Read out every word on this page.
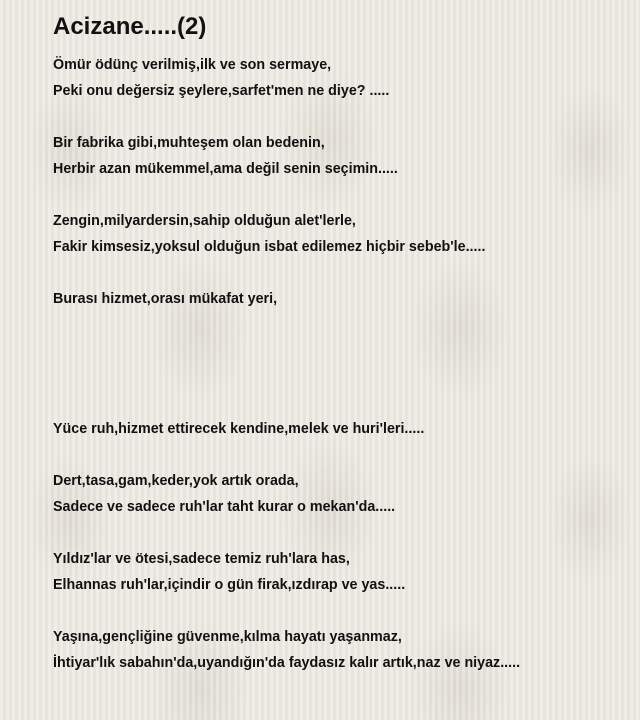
Acizane.....(2)
Ömür ödünç verilmiş,ilk ve son sermaye,
Peki onu değersiz şeylere,sarfet'men ne diye? .....
Bir fabrika gibi,muhteşem olan bedenin,
Herbir azan mükemmel,ama değil senin seçimin.....
Zengin,milyardersin,sahip olduğun alet'lerle,
Fakir kimsesiz,yoksul olduğun isbat edilemez hiçbir sebeb'le.....
Burası hizmet,orası mükafat yeri,
Yüce ruh,hizmet ettirecek kendine,melek ve huri'leri.....
Dert,tasa,gam,keder,yok artık orada,
Sadece ve sadece ruh'lar taht kurar o mekan'da.....
Yıldız'lar ve ötesi,sadece temiz ruh'lara has,
Elhannas ruh'lar,içindir o gün firak,ızdırap ve yas.....
Yaşına,gençliğine güvenme,kılma hayatı yaşanmaz,
İhtiyar'lık sabahın'da,uyandığın'da faydasız kalır artık,naz ve niyaz.....
